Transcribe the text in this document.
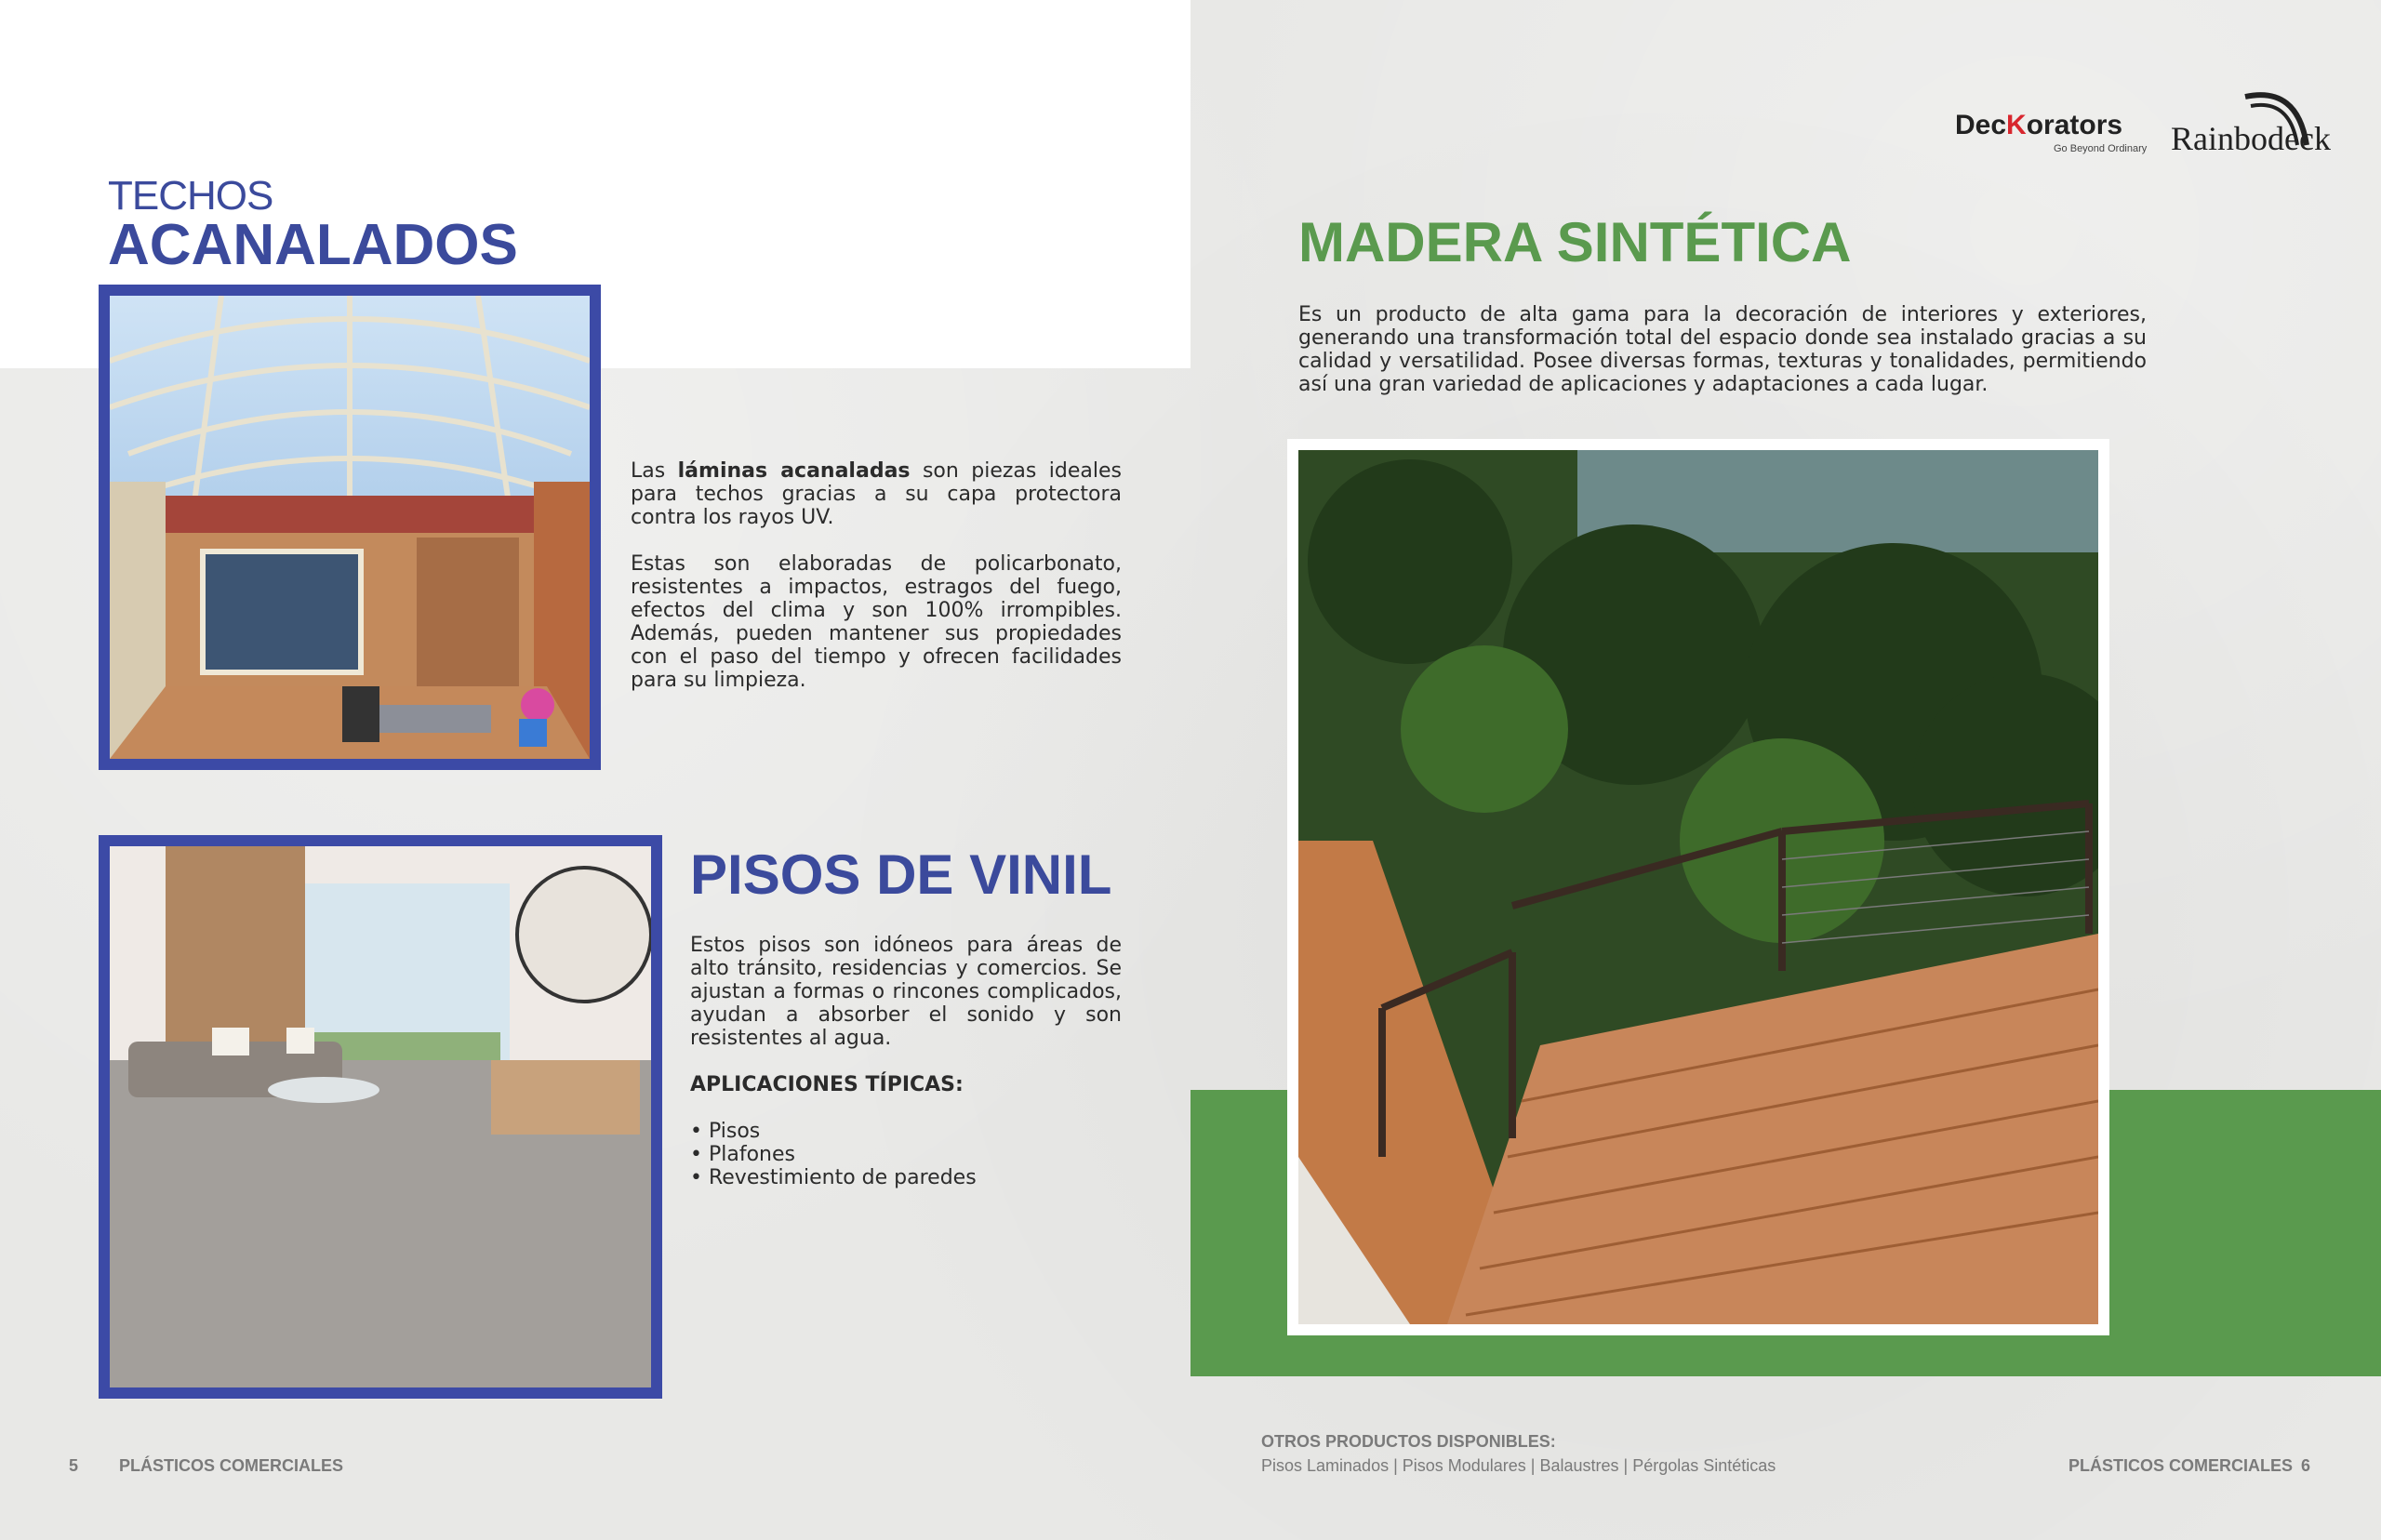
TECHOS
ACANALADOS

Las láminas acanaladas son piezas ideales para techos gracias a su capa protectora contra los rayos UV.

Estas son elaboradas de policarbonato, resistentes a impactos, estragos del fuego, efectos del clima y son 100% irrompibles. Además, pueden mantener sus propiedades con el paso del tiempo y ofrecen facilidades para su limpieza.

PISOS DE VINIL

Estos pisos son idóneos para áreas de alto tránsito, residencias y comercios. Se ajustan a formas o rincones complicados, ayudan a absorber el sonido y son resistentes al agua.

APLICACIONES TÍPICAS:

• Pisos
• Plafones
• Revestimiento de paredes
5 PLÁSTICOS COMERCIALES
DecKorators
Go Beyond Ordinary Rainbodeck
MADERA SINTÉTICA

Es un producto de alta gama para la decoración de interiores y exteriores, generando una transformación total del espacio donde sea instalado gracias a su calidad y versatilidad. Posee diversas formas, texturas y tonalidades, permitiendo así una gran variedad de aplicaciones y adaptaciones a cada lugar.

OTROS PRODUCTOS DISPONIBLES:
Pisos Laminados | Pisos Modulares | Balaustres | Pérgolas Sintéticas	PLÁSTICOS COMERCIALES 6
